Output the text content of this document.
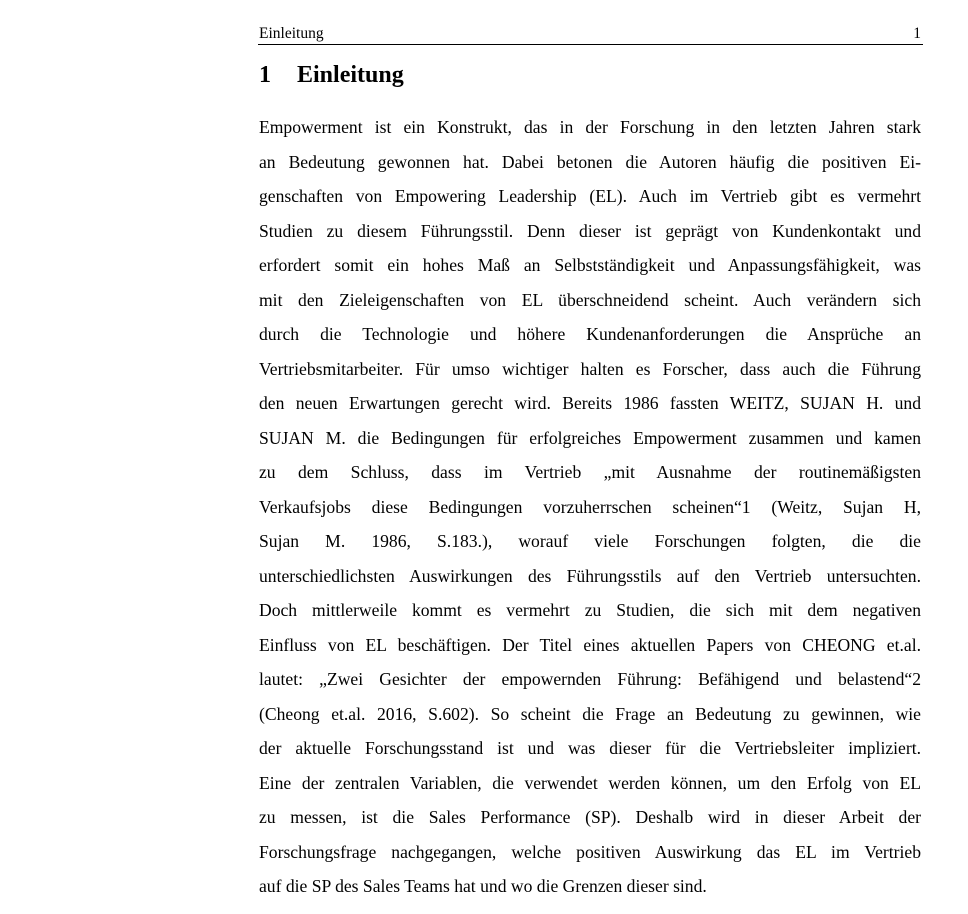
Einleitung	1
1 Einleitung
Empowerment ist ein Konstrukt, das in der Forschung in den letzten Jahren stark
an Bedeutung gewonnen hat. Dabei betonen die Autoren häufig die positiven Ei-
genschaften von Empowering Leadership (EL). Auch im Vertrieb gibt es vermehrt
Studien zu diesem Führungsstil. Denn dieser ist geprägt von Kundenkontakt und
erfordert somit ein hohes Maß an Selbstständigkeit und Anpassungsfähigkeit, was
mit den Zieleigenschaften von EL überschneidend scheint. Auch verändern sich
durch die Technologie und höhere Kundenanforderungen die Ansprüche an
Vertriebsmitarbeiter. Für umso wichtiger halten es Forscher, dass auch die Führung
den neuen Erwartungen gerecht wird. Bereits 1986 fassten WEITZ, SUJAN H. und
SUJAN M. die Bedingungen für erfolgreiches Empowerment zusammen und kamen
zu dem Schluss, dass im Vertrieb „mit Ausnahme der routinemäßigsten
Verkaufsjobs diese Bedingungen vorzuherrschen scheinen“1 (Weitz, Sujan H,
Sujan M. 1986, S.183.), worauf viele Forschungen folgten, die die
unterschiedlichsten Auswirkungen des Führungsstils auf den Vertrieb untersuchten.
Doch mittlerweile kommt es vermehrt zu Studien, die sich mit dem negativen
Einfluss von EL beschäftigen. Der Titel eines aktuellen Papers von CHEONG et.al.
lautet: „Zwei Gesichter der empowernden Führung: Befähigend und belastend“2
(Cheong et.al. 2016, S.602). So scheint die Frage an Bedeutung zu gewinnen, wie
der aktuelle Forschungsstand ist und was dieser für die Vertriebsleiter impliziert.
Eine der zentralen Variablen, die verwendet werden können, um den Erfolg von EL
zu messen, ist die Sales Performance (SP). Deshalb wird in dieser Arbeit der
Forschungsfrage nachgegangen, welche positiven Auswirkung das EL im Vertrieb
auf die SP des Sales Teams hat und wo die Grenzen dieser sind.
